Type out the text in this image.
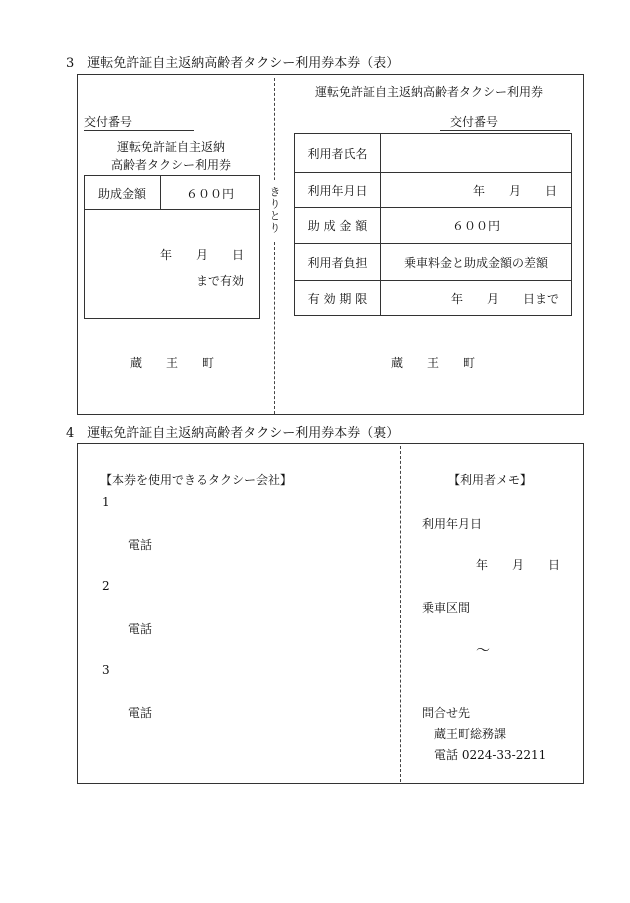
3　運転免許証自主返納高齢者タクシー利用券本券（表）
きりとり
交付番号
運転免許証自主返納
高齢者タクシー利用券
助成金額	６００円
年　　月　　日
まで有効
蔵　　王　　町
運転免許証自主返納高齢者タクシー利用券
交付番号
利用者氏名	
利用年月日	年　　月　　日
助 成 金 額	６００円
利用者負担	乗車料金と助成金額の差額
有 効 期 限	年　　月　　日まで
蔵　　王　　町
4　運転免許証自主返納高齢者タクシー利用券本券（裏）
【本券を使用できるタクシー会社】
1
電話
2
電話
3
電話
【利用者メモ】
利用年月日
年　　月　　日
乗車区間
～
問合せ先
蔵王町総務課
電話 0224-33-2211
